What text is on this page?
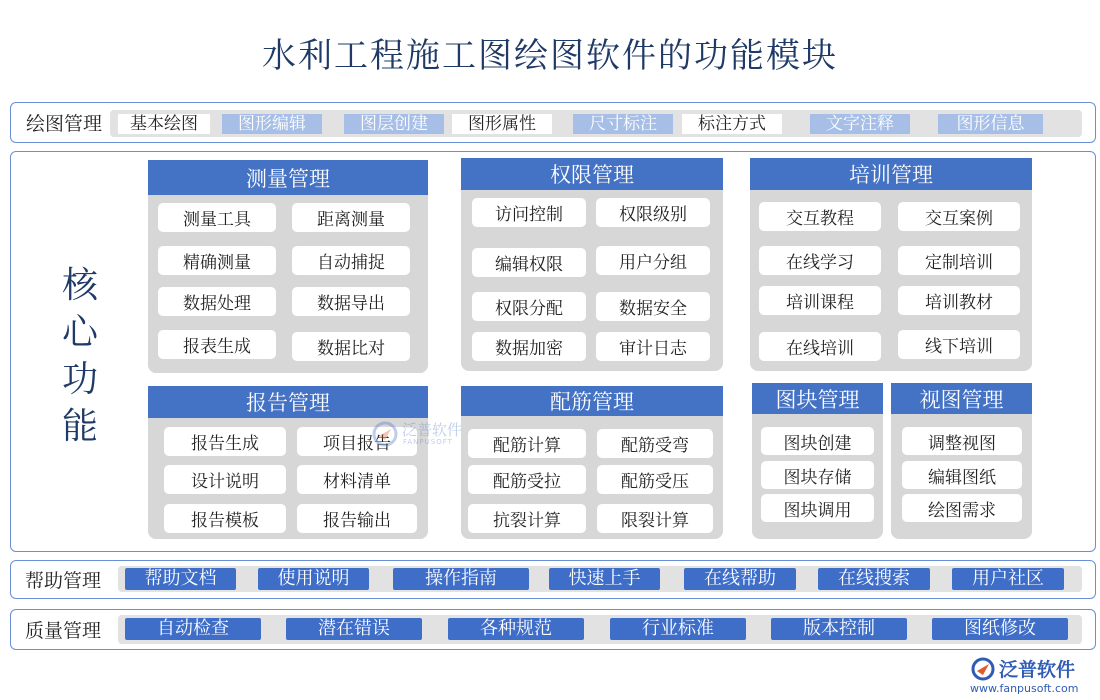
水利工程施工图绘图软件的功能模块
绘图管理	基本绘图	图形编辑	图层创建	图形属性	尺寸标注	标注方式	文字注释	图形信息
核
心
功
能
测量管理
测量工具	距离测量
精确测量	自动捕捉
数据处理	数据导出
报表生成	数据比对
权限管理
访问控制	权限级别
编辑权限	用户分组
权限分配	数据安全
数据加密	审计日志
培训管理
交互教程	交互案例
在线学习	定制培训
培训课程	培训教材
在线培训	线下培训
报告管理
报告生成	项目报告
设计说明	材料清单
报告模板	报告输出
配筋管理
配筋计算	配筋受弯
配筋受拉	配筋受压
抗裂计算	限裂计算
图块管理
图块创建
图块存储
图块调用
视图管理
调整视图
编辑图纸
绘图需求
泛普软件
FANPUSOFT
帮助管理	帮助文档	使用说明	操作指南	快速上手	在线帮助	在线搜索	用户社区
质量管理	自动检查	潜在错误	各种规范	行业标准	版本控制	图纸修改
泛普软件
www.fanpusoft.com
